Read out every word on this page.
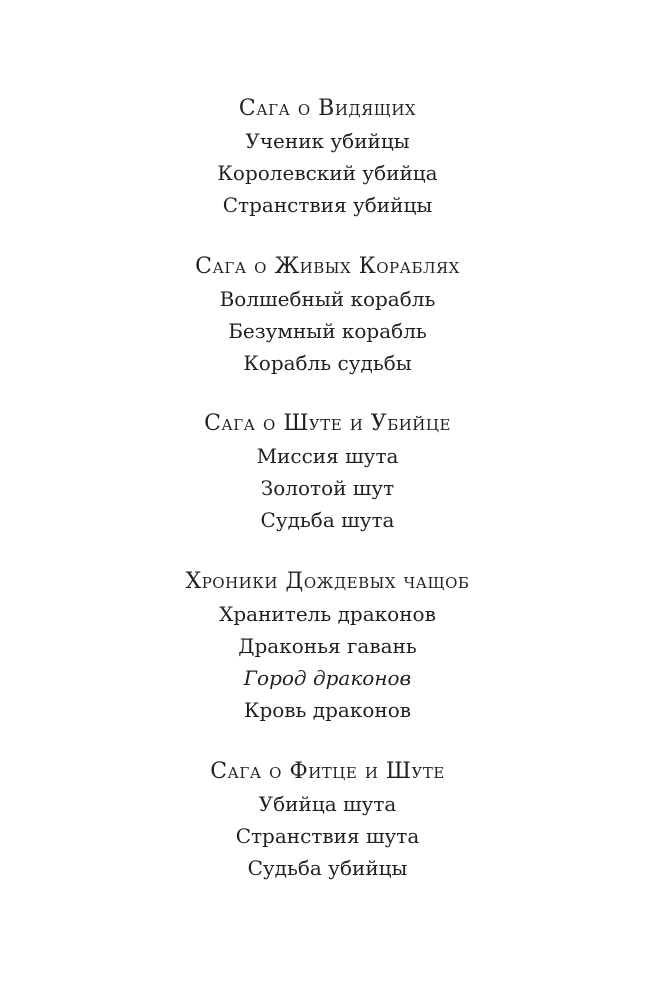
Сага о Видящих
Ученик убийцы
Королевский убийца
Странствия убийцы
Сага о Живых Кораблях
Волшебный корабль
Безумный корабль
Корабль судьбы
Сага о Шуте и Убийце
Миссия шута
Золотой шут
Судьба шута
Хроники Дождевых чащоб
Хранитель драконов
Драконья гавань
Город драконов
Кровь драконов
Сага о Фитце и Шуте
Убийца шута
Странствия шута
Судьба убийцы
